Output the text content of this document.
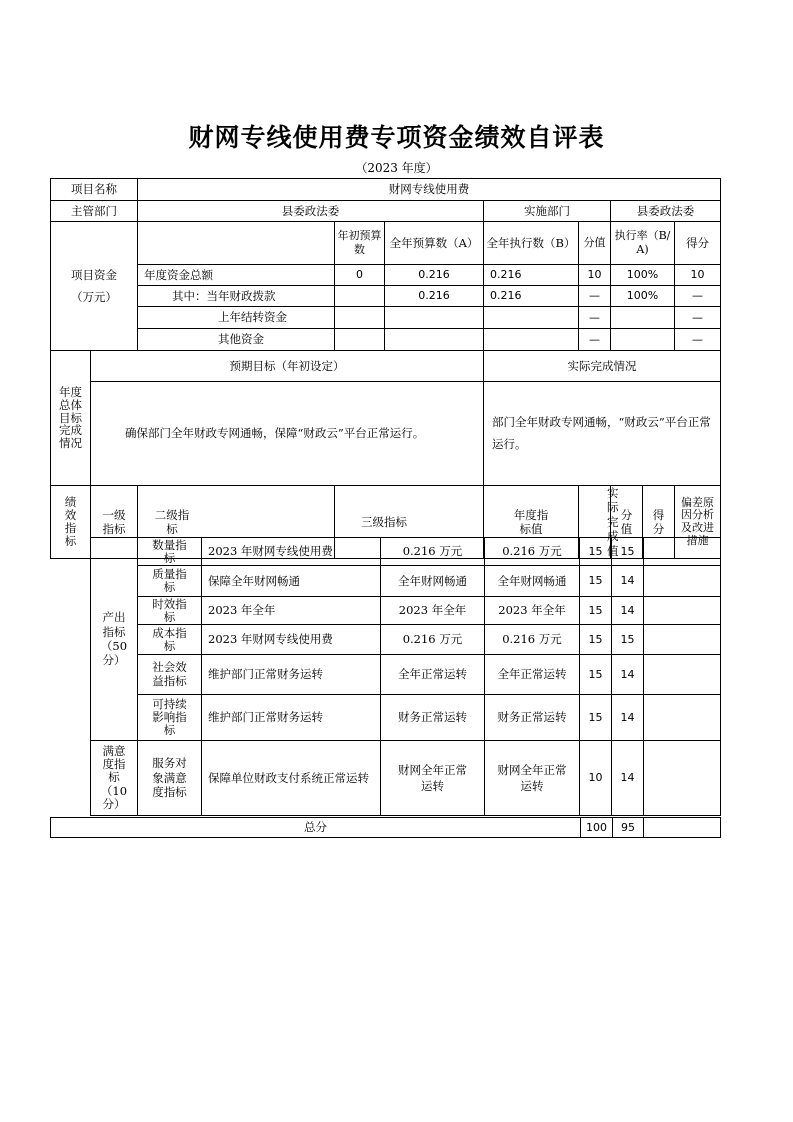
财网专线使用费专项资金绩效自评表
（2023 年度）
项目名称		财网专线使用费							
主管部门		县委政法委			实施部门		县委政法委		

项目资金
（万元）			年初预算数	全年预算数（A）	全年执行数（B）	分值	执行率（B/A)		得分
		年度资金总额	0	0.216	0.216	10	100%		10
		其中：当年财政拨款		0.216	0.216	—	100%		—
		上年结转资金				—			—
		其他资金				—			—
年度总体目标完成情况	预期目标（年初设定）				实际完成情况				
	确保部门全年财政专网通畅，保障“财政云”平台正常运行。				部门全年财政专网通畅，“财政云”平台正常运行。				
绩效指标	一级指标	二级指标	三级指标		年度指标值	实际完成值	分值	得分	偏差原因分析及改进措施
产出指标（50分）	数量指标	2023 年财网专线使用费	0.216 万元	0.216 万元	15	15	
	质量指标	保障全年财网畅通	全年财网畅通	全年财网畅通	15	14	
	时效指标	2023 年全年	2023 年全年	2023 年全年	15	14	
	成本指标	2023 年财网专线使用费	0.216 万元	0.216 万元	15	15	
	社会效益指标	维护部门正常财务运转	全年正常运转	全年正常运转	15	14	
	可持续影响指标	维护部门正常财务运转	财务正常运转	财务正常运转	15	14	
满意度指标（10分）	服务对象满意度指标	保障单位财政支付系统正常运转	财网全年正常运转	财网全年正常运转	10	14	
总分	100	95	
